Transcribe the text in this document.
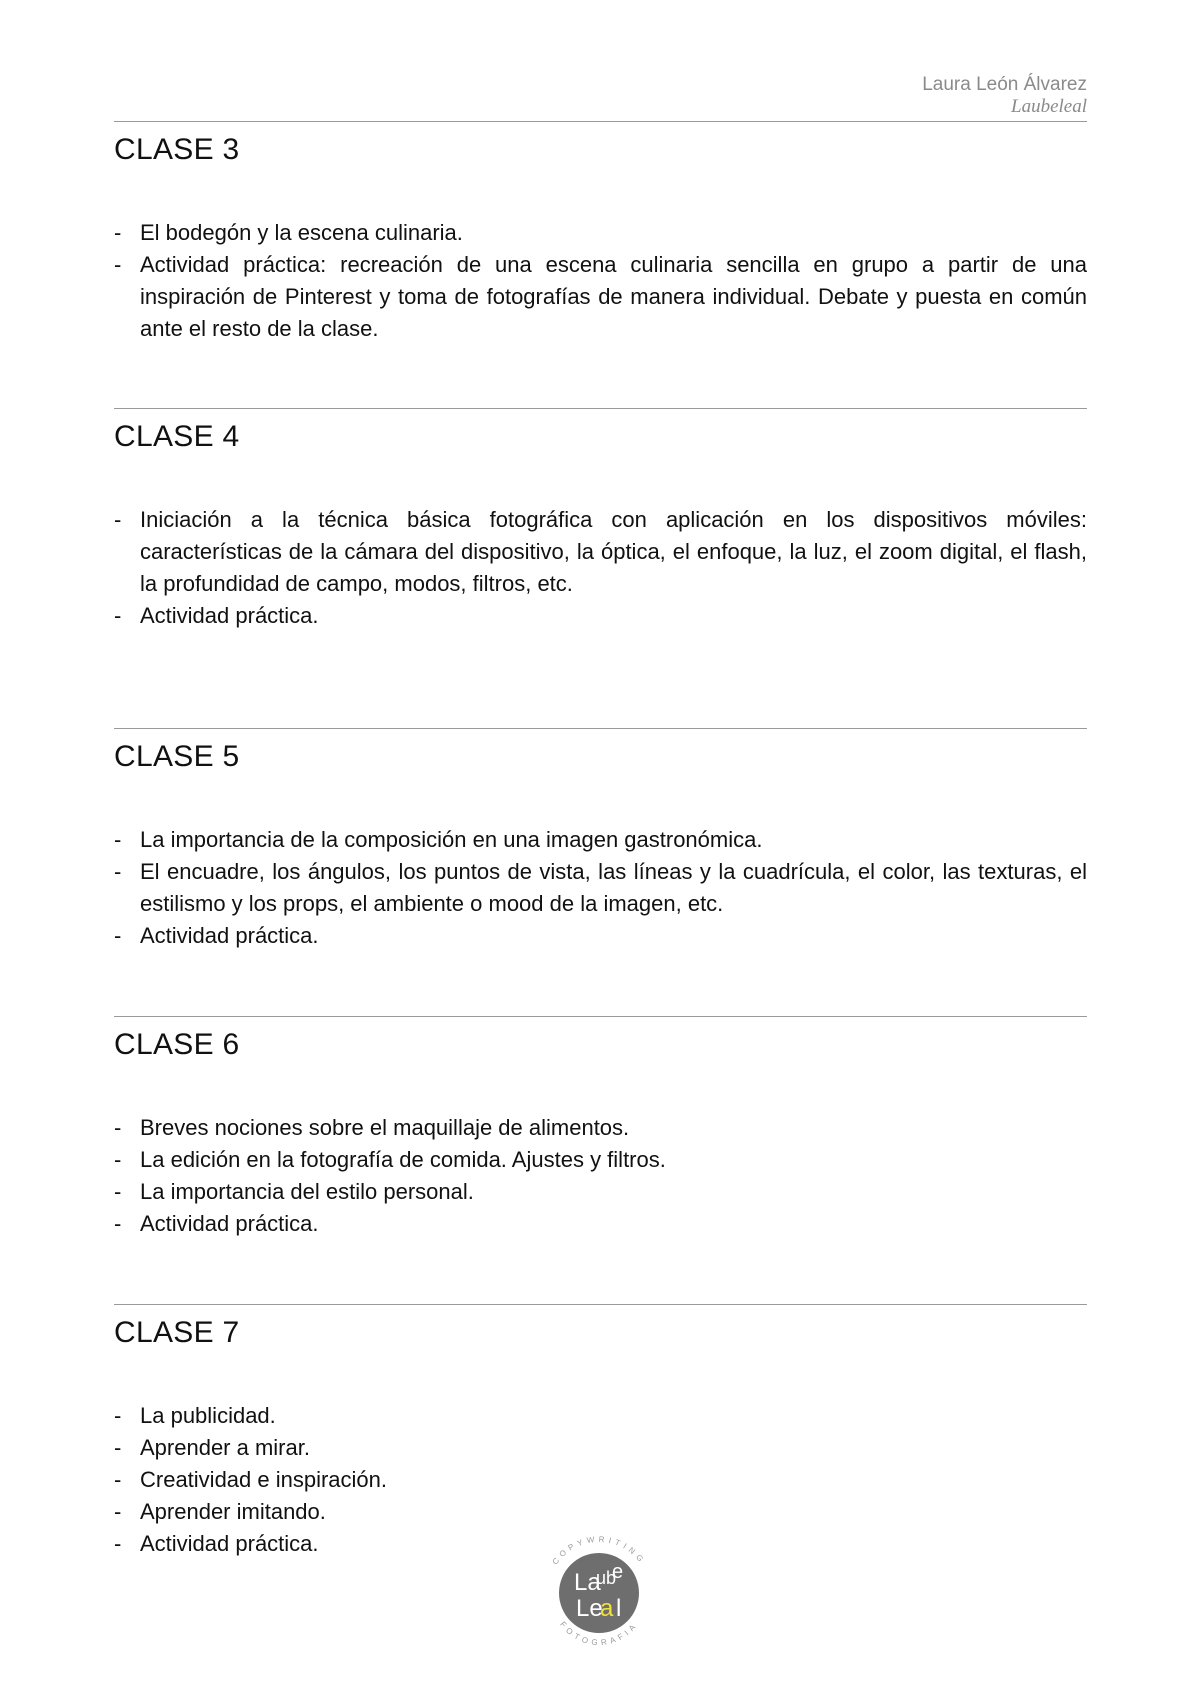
Laura León Álvarez
Laubeleal
CLASE 3
- El bodegón y la escena culinaria.
- Actividad práctica: recreación de una escena culinaria sencilla en grupo a partir de una inspiración de Pinterest y toma de fotografías de manera individual. Debate y puesta en común ante el resto de la clase.
CLASE 4
- Iniciación a la técnica básica fotográfica con aplicación en los dispositivos móviles: características de la cámara del dispositivo, la óptica, el enfoque, la luz, el zoom digital, el flash, la profundidad de campo, modos, filtros, etc.
- Actividad práctica.
CLASE 5
- La importancia de la composición en una imagen gastronómica.
- El encuadre, los ángulos, los puntos de vista, las líneas y la cuadrícula, el color, las texturas, el estilismo y los props, el ambiente o mood de la imagen, etc.
- Actividad práctica.
CLASE 6
- Breves nociones sobre el maquillaje de alimentos.
- La edición en la fotografía de comida. Ajustes y filtros.
- La importancia del estilo personal.
- Actividad práctica.
CLASE 7
- La publicidad.
- Aprender a mirar.
- Creatividad e inspiración.
- Aprender imitando.
- Actividad práctica.
COPYWRITING
FOTOGRAFIA
La
ub
e
Le
a l
